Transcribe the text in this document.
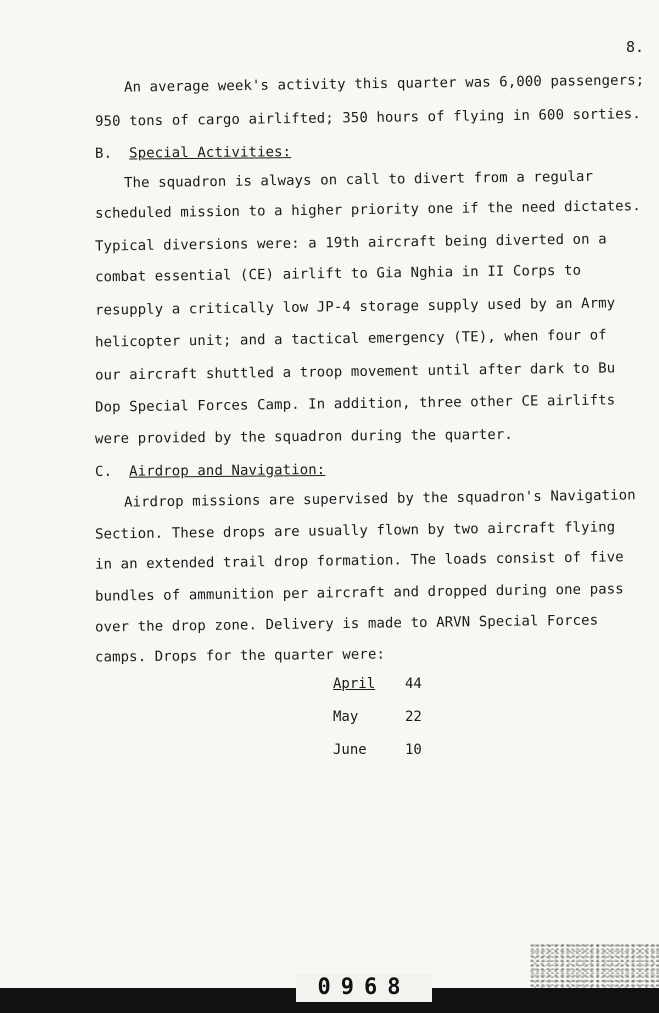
8.
An average week's activity this quarter was 6,000 passengers;
950 tons of cargo airlifted; 350 hours of flying in 600 sorties.
B. Special Activities:
The squadron is always on call to divert from a regular
scheduled mission to a higher priority one if the need dictates.
Typical diversions were: a 19th aircraft being diverted on a
combat essential (CE) airlift to Gia Nghia in II Corps to
resupply a critically low JP-4 storage supply used by an Army
helicopter unit; and a tactical emergency (TE), when four of
our aircraft shuttled a troop movement until after dark to Bu
Dop Special Forces Camp. In addition, three other CE airlifts
were provided by the squadron during the quarter.
C. Airdrop and Navigation:
Airdrop missions are supervised by the squadron's Navigation
Section. These drops are usually flown by two aircraft flying
in an extended trail drop formation. The loads consist of five
bundles of ammunition per aircraft and dropped during one pass
over the drop zone. Delivery is made to ARVN Special Forces
camps. Drops for the quarter were:
April 44
May	22
June	10
0968
